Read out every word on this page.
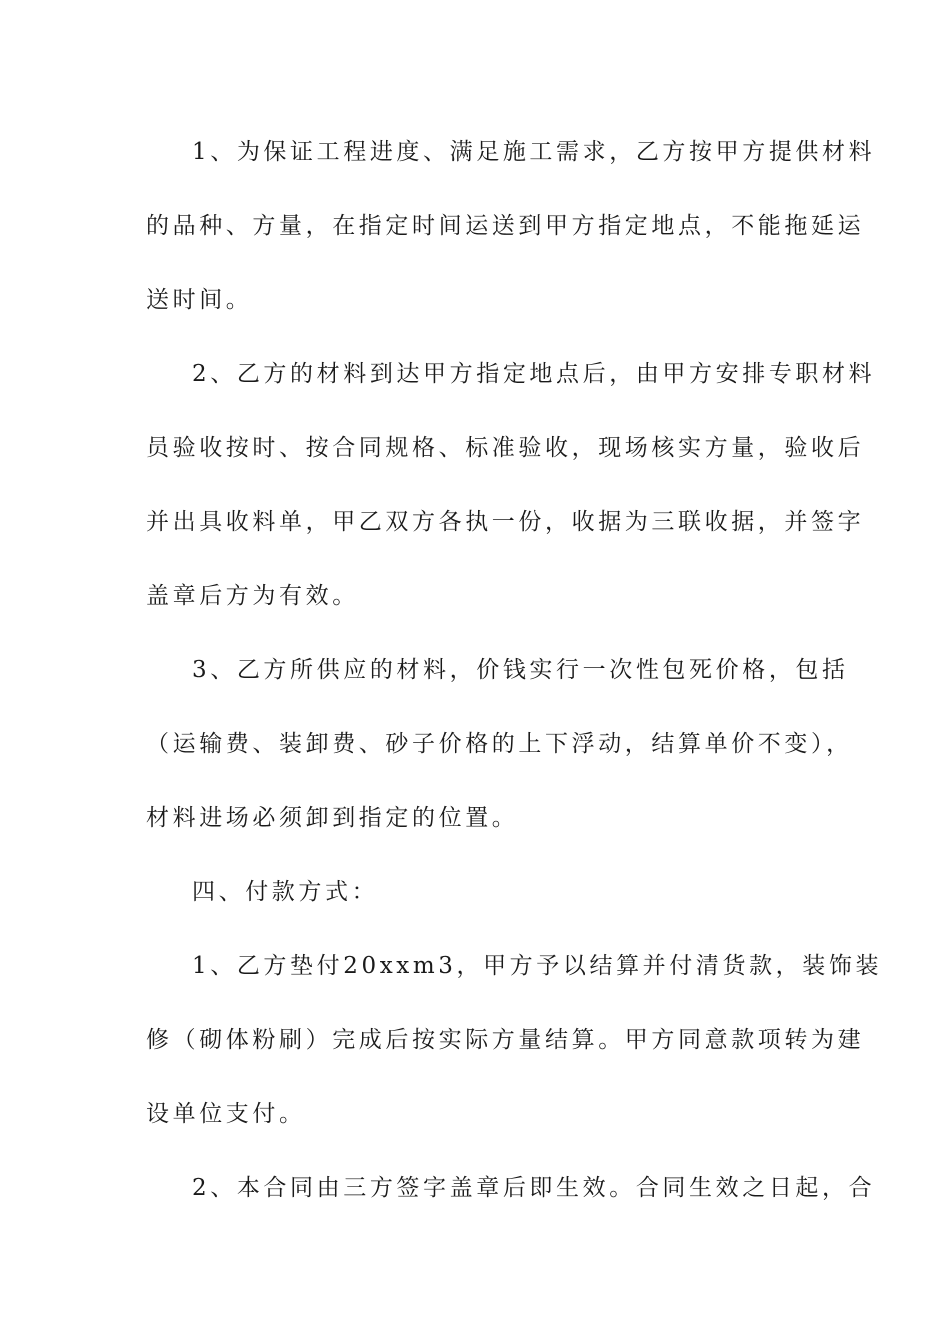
1、为保证工程进度、满足施工需求，乙方按甲方提供材料
的品种、方量，在指定时间运送到甲方指定地点，不能拖延运
送时间。
2、乙方的材料到达甲方指定地点后，由甲方安排专职材料
员验收按时、按合同规格、标准验收，现场核实方量，验收后
并出具收料单，甲乙双方各执一份，收据为三联收据，并签字
盖章后方为有效。
3、乙方所供应的材料，价钱实行一次性包死价格，包括
（运输费、装卸费、砂子价格的上下浮动，结算单价不变），
材料进场必须卸到指定的位置。
四、付款方式：
1、乙方垫付20xxm3，甲方予以结算并付清货款，装饰装
修（砌体粉刷）完成后按实际方量结算。甲方同意款项转为建
设单位支付。
2、本合同由三方签字盖章后即生效。合同生效之日起，合
